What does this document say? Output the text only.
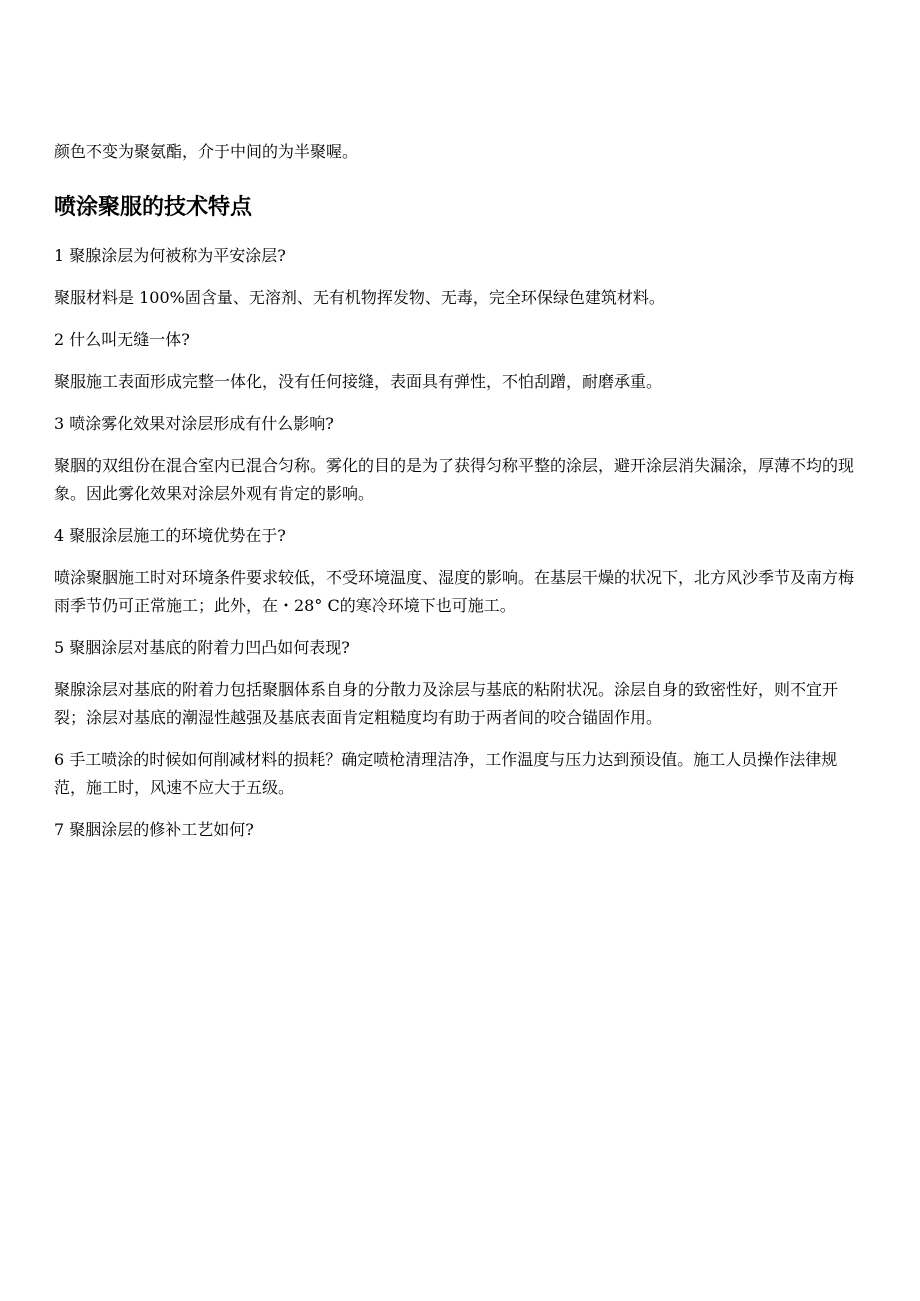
颜色不变为聚氨酯，介于中间的为半聚喔。

喷涂聚服的技术特点

1 聚腺涂层为何被称为平安涂层?

聚服材料是 100%固含量、无溶剂、无有机物挥发物、无毒，完全环保绿色建筑材料。

2 什么叫无缝一体?

聚服施工表面形成完整一体化，没有任何接缝，表面具有弹性，不怕刮蹭，耐磨承重。

3 喷涂雾化效果对涂层形成有什么影响?

聚胭的双组份在混合室内已混合匀称。雾化的目的是为了获得匀称平整的涂层，避开涂层消失漏涂，厚薄不均的现象。因此雾化效果对涂层外观有肯定的影响。

4 聚服涂层施工的环境优势在于?

喷涂聚胭施工时对环境条件要求较低，不受环境温度、湿度的影响。在基层干燥的状况下，北方风沙季节及南方梅雨季节仍可正常施工；此外，在・28° C的寒冷环境下也可施工。

5 聚胭涂层对基底的附着力凹凸如何表现?

聚腺涂层对基底的附着力包括聚胭体系自身的分散力及涂层与基底的粘附状况。涂层自身的致密性好，则不宜开裂；涂层对基底的潮湿性越强及基底表面肯定粗糙度均有助于两者间的咬合锚固作用。

6 手工喷涂的时候如何削减材料的损耗？确定喷枪清理洁净，工作温度与压力达到预设值。施工人员操作法律规范，施工时，风速不应大于五级。

7 聚胭涂层的修补工艺如何?
